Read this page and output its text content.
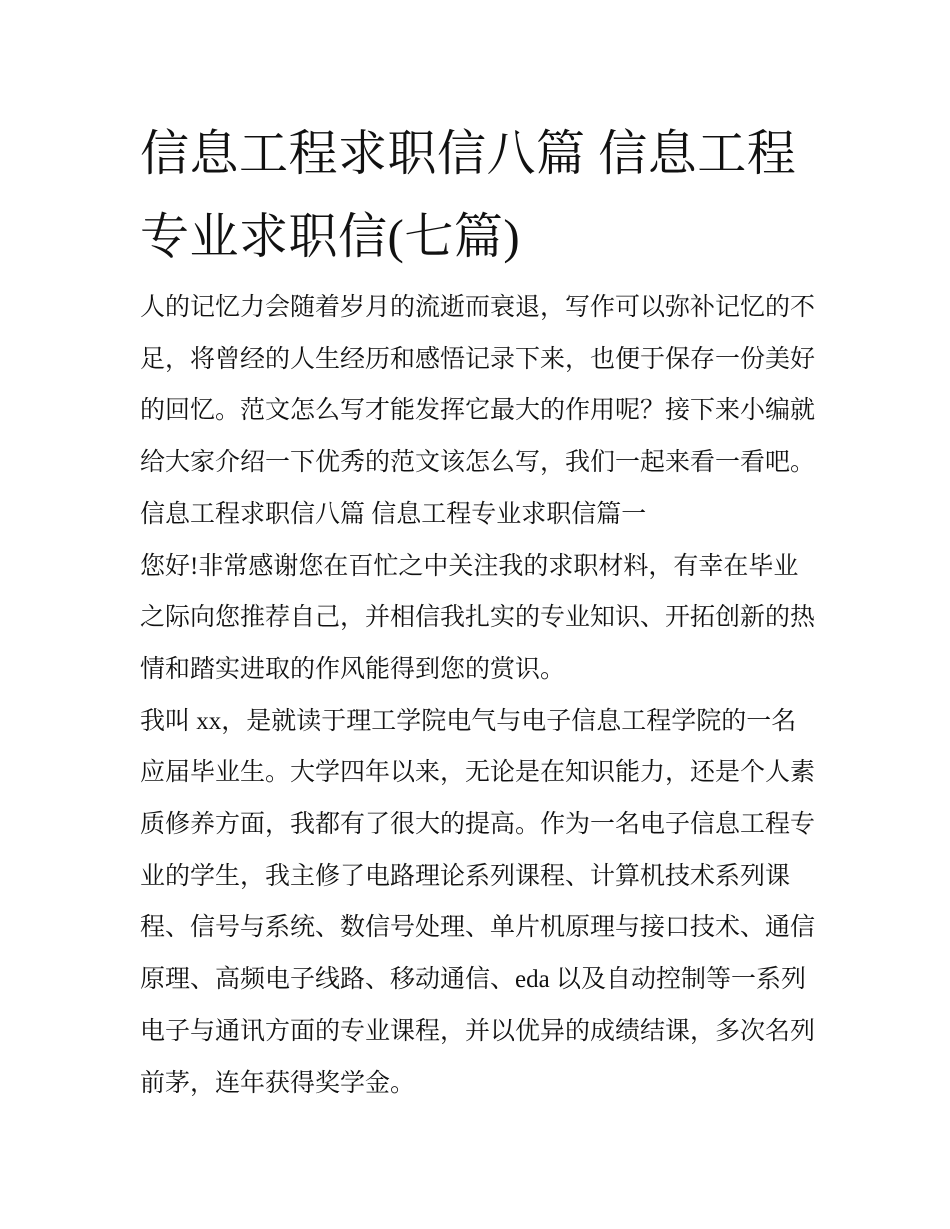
信息工程求职信八篇 信息工程
专业求职信(七篇)
人的记忆力会随着岁月的流逝而衰退，写作可以弥补记忆的不
足，将曾经的人生经历和感悟记录下来，也便于保存一份美好
的回忆。范文怎么写才能发挥它最大的作用呢？接下来小编就
给大家介绍一下优秀的范文该怎么写，我们一起来看一看吧。
信息工程求职信八篇 信息工程专业求职信篇一
您好!非常感谢您在百忙之中关注我的求职材料，有幸在毕业
之际向您推荐自己，并相信我扎实的专业知识、开拓创新的热
情和踏实进取的作风能得到您的赏识。
我叫 xx，是就读于理工学院电气与电子信息工程学院的一名
应届毕业生。大学四年以来，无论是在知识能力，还是个人素
质修养方面，我都有了很大的提高。作为一名电子信息工程专
业的学生，我主修了电路理论系列课程、计算机技术系列课
程、信号与系统、数信号处理、单片机原理与接口技术、通信
原理、高频电子线路、移动通信、eda 以及自动控制等一系列
电子与通讯方面的专业课程，并以优异的成绩结课，多次名列
前茅，连年获得奖学金。
